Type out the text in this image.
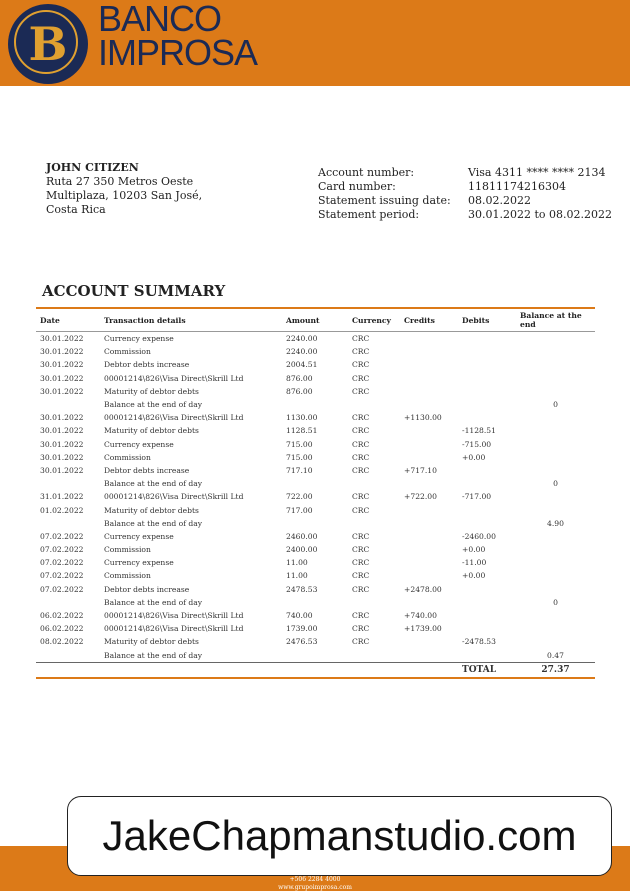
B BANCO
IMPROSA
JOHN CITIZEN
Ruta 27 350 Metros Oeste
Multiplaza, 10203 San José,
Costa Rica
Account number:	Visa 4311 **** **** 2134
Card number:	11811174216304
Statement issuing date: 08.02.2022
Statement period:	30.01.2022 to 08.02.2022
ACCOUNT SUMMARY
Date	Transaction details	Amount	Currency	Credits	Debits	Balance at the end
30.01.2022	Currency expense	2240.00	CRC			
30.01.2022	Commission	2240.00	CRC			
30.01.2022	Debtor debts increase	2004.51	CRC			
30.01.2022	00001214\826\Visa Direct\Skrill Ltd	876.00	CRC			
30.01.2022	Maturity of debtor debts	876.00	CRC			
	Balance at the end of day					0
30.01.2022	00001214\826\Visa Direct\Skrill Ltd	1130.00	CRC	+1130.00		
30.01.2022	Maturity of debtor debts	1128.51	CRC		-1128.51	
30.01.2022	Currency expense	715.00	CRC		-715.00	
30.01.2022	Commission	715.00	CRC		+0.00	
30.01.2022	Debtor debts increase	717.10	CRC	+717.10		
	Balance at the end of day					0
31.01.2022	00001214\826\Visa Direct\Skrill Ltd	722.00	CRC	+722.00	-717.00	
01.02.2022	Maturity of debtor debts	717.00	CRC			
	Balance at the end of day					4.90
07.02.2022	Currency expense	2460.00	CRC		-2460.00	
07.02.2022	Commission	2400.00	CRC		+0.00	
07.02.2022	Currency expense	11.00	CRC		-11.00	
07.02.2022	Commission	11.00	CRC		+0.00	
07.02.2022	Debtor debts increase	2478.53	CRC	+2478.00		
	Balance at the end of day					0
06.02.2022	00001214\826\Visa Direct\Skrill Ltd	740.00	CRC	+740.00		
06.02.2022	00001214\826\Visa Direct\Skrill Ltd	1739.00	CRC	+1739.00		
08.02.2022	Maturity of debtor debts	2476.53	CRC		-2478.53	
	Balance at the end of day					0.47
					TOTAL	27.37
+506 2284 4000
www.grupoimprosa.com
JakeChapmanstudio.com
